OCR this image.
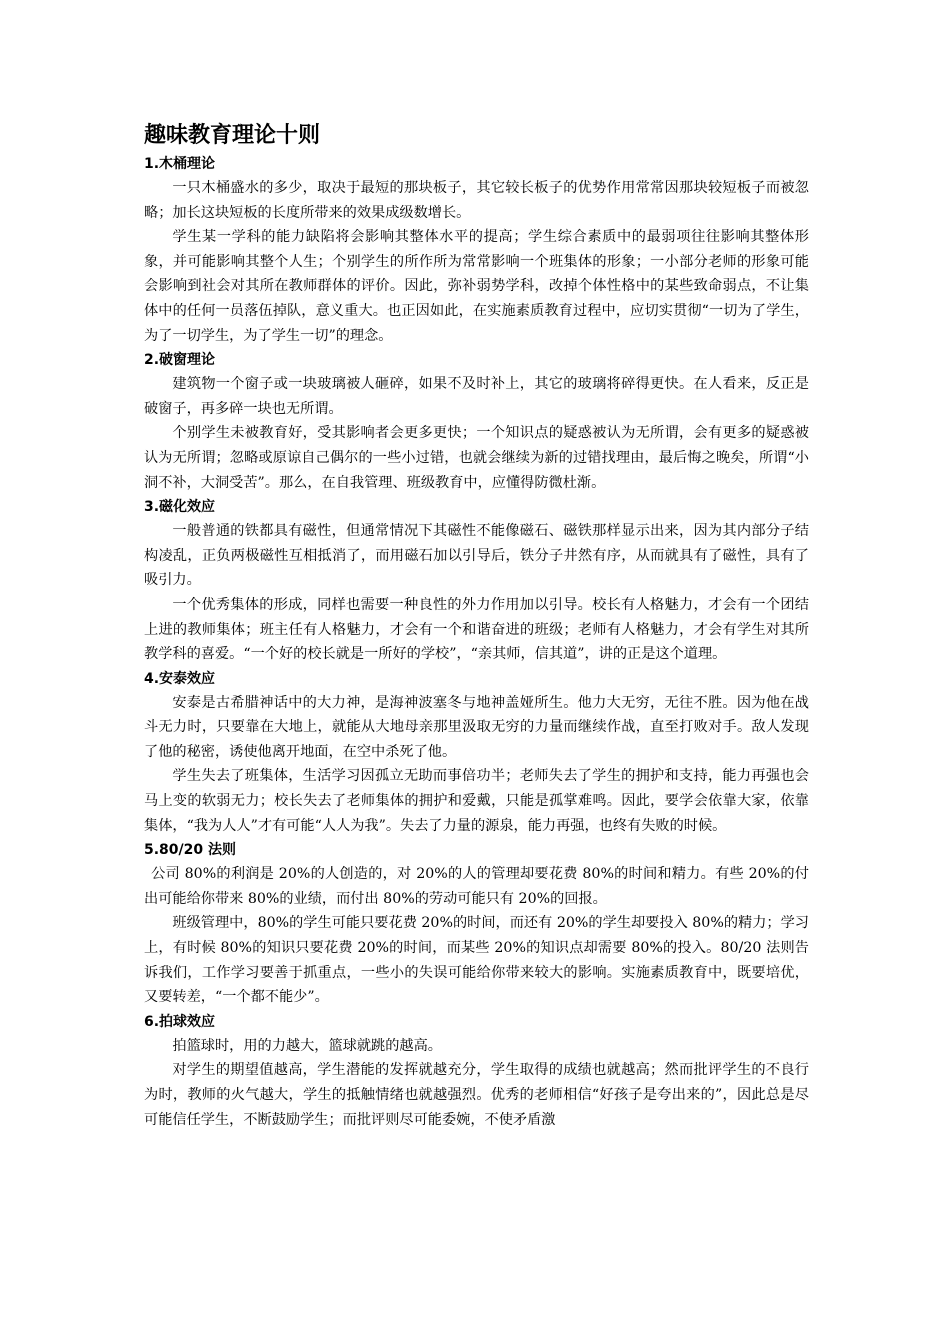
趣味教育理论十则
1.木桶理论

一只木桶盛水的多少，取决于最短的那块板子，其它较长板子的优势作用常常因那块较短板子而被忽略；加长这块短板的长度所带来的效果成级数增长。

学生某一学科的能力缺陷将会影响其整体水平的提高；学生综合素质中的最弱项往往影响其整体形象，并可能影响其整个人生；个别学生的所作所为常常影响一个班集体的形象；一小部分老师的形象可能会影响到社会对其所在教师群体的评价。因此，弥补弱势学科，改掉个体性格中的某些致命弱点，不让集体中的任何一员落伍掉队，意义重大。也正因如此，在实施素质教育过程中，应切实贯彻“一切为了学生，为了一切学生，为了学生一切”的理念。

2.破窗理论

建筑物一个窗子或一块玻璃被人砸碎，如果不及时补上，其它的玻璃将碎得更快。在人看来，反正是破窗子，再多碎一块也无所谓。

个别学生未被教育好，受其影响者会更多更快；一个知识点的疑惑被认为无所谓，会有更多的疑惑被认为无所谓；忽略或原谅自己偶尔的一些小过错，也就会继续为新的过错找理由，最后悔之晚矣，所谓“小洞不补，大洞受苦”。那么，在自我管理、班级教育中，应懂得防微杜渐。

3.磁化效应

一般普通的铁都具有磁性，但通常情况下其磁性不能像磁石、磁铁那样显示出来，因为其内部分子结构凌乱，正负两极磁性互相抵消了，而用磁石加以引导后，铁分子井然有序，从而就具有了磁性，具有了吸引力。

一个优秀集体的形成，同样也需要一种良性的外力作用加以引导。校长有人格魅力，才会有一个团结上进的教师集体；班主任有人格魅力，才会有一个和谐奋进的班级；老师有人格魅力，才会有学生对其所教学科的喜爱。“一个好的校长就是一所好的学校”，“亲其师，信其道”，讲的正是这个道理。

4.安泰效应

安泰是古希腊神话中的大力神，是海神波塞冬与地神盖娅所生。他力大无穷，无往不胜。因为他在战斗无力时，只要靠在大地上，就能从大地母亲那里汲取无穷的力量而继续作战，直至打败对手。敌人发现了他的秘密，诱使他离开地面，在空中杀死了他。

学生失去了班集体，生活学习因孤立无助而事倍功半；老师失去了学生的拥护和支持，能力再强也会马上变的软弱无力；校长失去了老师集体的拥护和爱戴，只能是孤掌难鸣。因此，要学会依靠大家，依靠集体，“我为人人”才有可能“人人为我”。失去了力量的源泉，能力再强，也终有失败的时候。

5.80/20 法则

公司 80%的利润是 20%的人创造的，对 20%的人的管理却要花费 80%的时间和精力。有些 20%的付出可能给你带来 80%的业绩，而付出 80%的劳动可能只有 20%的回报。

班级管理中，80%的学生可能只要花费 20%的时间，而还有 20%的学生却要投入 80%的精力；学习上，有时候 80%的知识只要花费 20%的时间，而某些 20%的知识点却需要 80%的投入。80/20 法则告诉我们，工作学习要善于抓重点，一些小的失误可能给你带来较大的影响。实施素质教育中，既要培优，又要转差，“一个都不能少”。

6.拍球效应

拍篮球时，用的力越大，篮球就跳的越高。

对学生的期望值越高，学生潜能的发挥就越充分，学生取得的成绩也就越高；然而批评学生的不良行为时，教师的火气越大，学生的抵触情绪也就越强烈。优秀的老师相信“好孩子是夸出来的”，因此总是尽可能信任学生，不断鼓励学生；而批评则尽可能委婉，不使矛盾激
